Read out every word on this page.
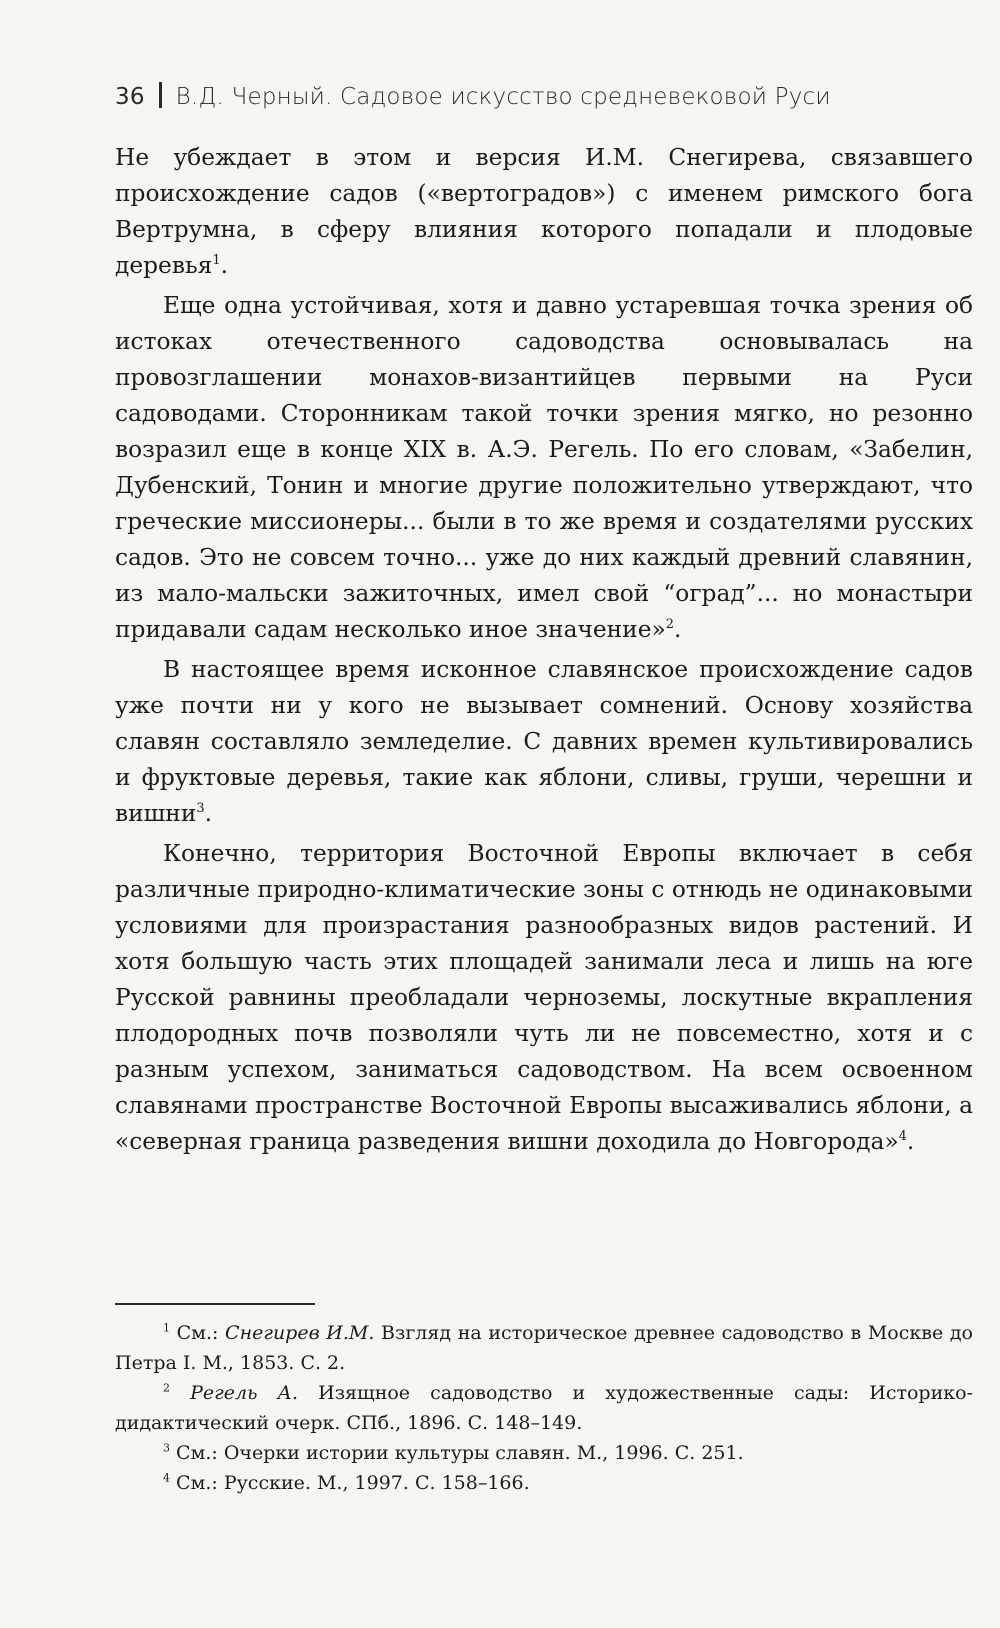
36 В.Д. Черный. Садовое искусство средневековой Руси

Не убеждает в этом и версия И.М. Снегирева, связавшего происхождение садов («вертоградов») с именем римского бога Вертрумна, в сферу влияния которого попадали и плодовые деревья$^1$.

Еще одна устойчивая, хотя и давно устаревшая точка зрения об истоках отечественного садоводства основывалась на провозглашении монахов-византийцев первыми на Руси садоводами. Сторонникам такой точки зрения мягко, но резонно возразил еще в конце XIX в. А.Э. Регель. По его словам, «Забелин, Дубенский, Тонин и многие другие положительно утверждают, что греческие миссионеры... были в то же время и создателями русских садов. Это не совсем точно... уже до них каждый древний славянин, из мало-мальски зажиточных, имел свой “оград”... но монастыри придавали садам несколько иное значение»$^2$.

В настоящее время исконное славянское происхождение садов уже почти ни у кого не вызывает сомнений. Основу хозяйства славян составляло земледелие. С давних времен культивировались и фруктовые деревья, такие как яблони, сливы, груши, черешни и вишни$^3$.

Конечно, территория Восточной Европы включает в себя различные природно-климатические зоны с отнюдь не одинаковыми условиями для произрастания разнообразных видов растений. И хотя большую часть этих площадей занимали леса и лишь на юге Русской равнины преобладали черноземы, лоскутные вкрапления плодородных почв позволяли чуть ли не повсеместно, хотя и с разным успехом, заниматься садоводством. На всем освоенном славянами пространстве Восточной Европы высаживались яблони, а «северная граница разведения вишни доходила до Новгорода»$^4$.

$^1$ См.: Снегирев И.М. Взгляд на историческое древнее садоводство в Москве до Петра I. М., 1853. С. 2.

$^2$ Регель А. Изящное садоводство и художественные сады: Историко-дидактический очерк. СПб., 1896. С. 148–149.

$^3$ См.: Очерки истории культуры славян. М., 1996. С. 251.

$^4$ См.: Русские. М., 1997. С. 158–166.
